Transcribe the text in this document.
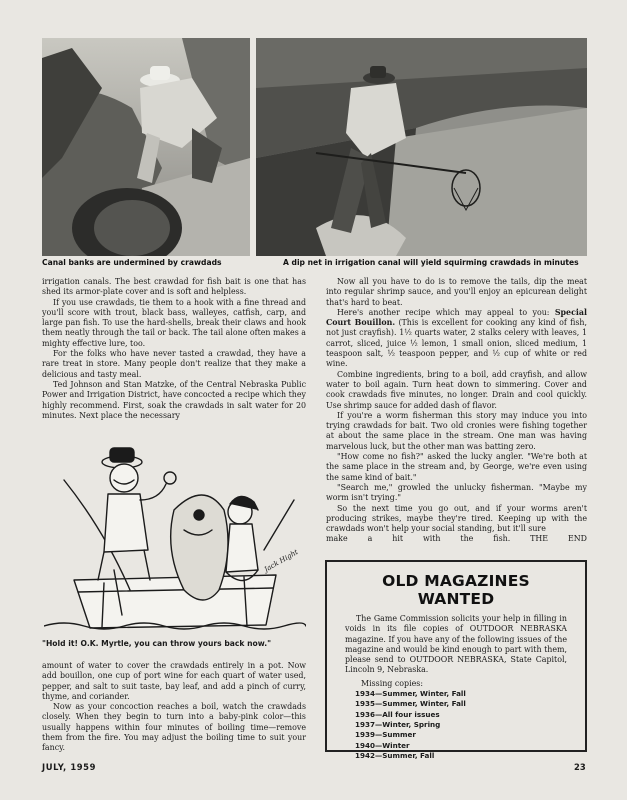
Canal banks are undermined by crawdads	A dip net in irrigation canal will yield squirming crawdads in minutes

irrigation canals. The best crawdad for fish bait is one that has shed its armor-plate cover and is soft and helpless.

If you use crawdads, tie them to a hook with a fine thread and you'll score with trout, black bass, walleyes, catfish, carp, and large pan fish. To use the hard-shells, break their claws and hook them neatly through the tail or back. The tail alone often makes a mighty effective lure, too.

For the folks who have never tasted a crawdad, they have a rare treat in store. Many people don't realize that they make a delicious and tasty meal.

Ted Johnson and Stan Matzke, of the Central Nebraska Public Power and Irrigation District, have concocted a recipe which they highly recommend. First, soak the crawdads in salt water for 20 minutes. Next place the necessary

Jack Hight
"Hold it! O.K. Myrtle, you can throw yours back now."

amount of water to cover the crawdads entirely in a pot. Now add bouillon, one cup of port wine for each quart of water used, pepper, and salt to suit taste, bay leaf, and add a pinch of curry, thyme, and coriander.

Now as your concoction reaches a boil, watch the crawdads closely. When they begin to turn into a baby-pink color—this usually happens within four minutes of boiling time—remove them from the fire. You may adjust the boiling time to suit your fancy.

Now all you have to do is to remove the tails, dip the meat into regular shrimp sauce, and you'll enjoy an epicurean delight that's hard to beat.

Here's another recipe which may appeal to you: Special Court Bouillon. (This is excellent for cooking any kind of fish, not just crayfish). 1½ quarts water, 2 stalks celery with leaves, 1 carrot, sliced, juice ½ lemon, 1 small onion, sliced medium, 1 teaspoon salt, ½ teaspoon pepper, and ½ cup of white or red wine.

Combine ingredients, bring to a boil, add crayfish, and allow water to boil again. Turn heat down to simmering. Cover and cook crawdads five minutes, no longer. Drain and cool quickly. Use shrimp sauce for added dash of flavor.

If you're a worm fisherman this story may induce you into trying crawdads for bait. Two old cronies were fishing together at about the same place in the stream. One man was having marvelous luck, but the other man was batting zero.

"How come no fish?" asked the lucky angler. "We're both at the same place in the stream and, by George, we're even using the same kind of bait."

"Search me," growled the unlucky fisherman. "Maybe my worm isn't trying."

So the next time you go out, and if your worms aren't producing strikes, maybe they're tired. Keeping up with the crawdads won't help your social standing, but it'll sure

make a hit with the fish.	THE END

OLD MAGAZINES WANTED

The Game Commission solicits your help in filling in voids in its file copies of OUTDOOR NEBRASKA magazine. If you have any of the following issues of the magazine and would be kind enough to part with them, please send to OUTDOOR NEBRASKA, State Capitol, Lincoln 9, Nebraska.

Missing copies:
1934—Summer, Winter, Fall
1935—Summer, Winter, Fall
1936—All four issues
1937—Winter, Spring
1939—Summer
1940—Winter
1942—Summer, Fall
JULY, 1959	23
